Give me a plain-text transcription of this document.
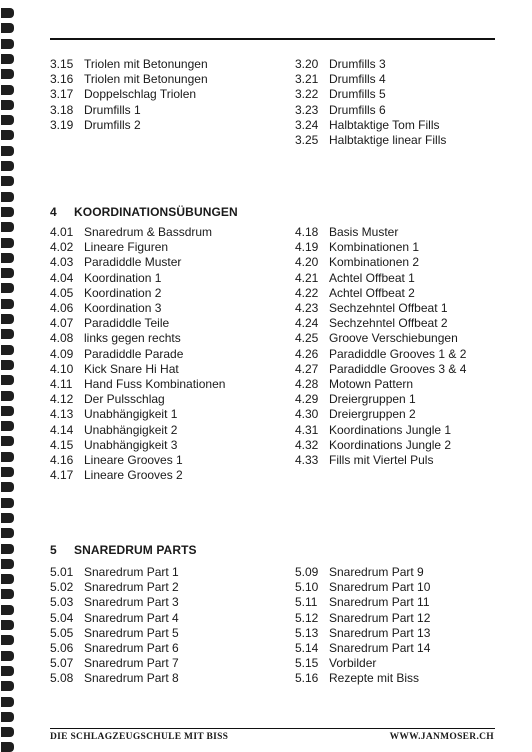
3.15 Triolen mit Betonungen
3.16 Triolen mit Betonungen
3.17 Doppelschlag Triolen
3.18 Drumfills 1
3.19 Drumfills 2
3.20 Drumfills 3
3.21 Drumfills 4
3.22 Drumfills 5
3.23 Drumfills 6
3.24 Halbtaktige Tom Fills
3.25 Halbtaktige linear Fills
4 KOORDINATIONSÜBUNGEN
4.01 Snaredrum & Bassdrum
4.02 Lineare Figuren
4.03 Paradiddle Muster
4.04 Koordination 1
4.05 Koordination 2
4.06 Koordination 3
4.07 Paradiddle Teile
4.08 links gegen rechts
4.09 Paradiddle Parade
4.10 Kick Snare Hi Hat
4.11 Hand Fuss Kombinationen
4.12 Der Pulsschlag
4.13 Unabhängigkeit 1
4.14 Unabhängigkeit 2
4.15 Unabhängigkeit 3
4.16 Lineare Grooves 1
4.17 Lineare Grooves 2
4.18 Basis Muster
4.19 Kombinationen 1
4.20 Kombinationen 2
4.21 Achtel Offbeat 1
4.22 Achtel Offbeat 2
4.23 Sechzehntel Offbeat 1
4.24 Sechzehntel Offbeat 2
4.25 Groove Verschiebungen
4.26 Paradiddle Grooves 1 & 2
4.27 Paradiddle Grooves 3 & 4
4.28 Motown Pattern
4.29 Dreiergruppen 1
4.30 Dreiergruppen 2
4.31 Koordinations Jungle 1
4.32 Koordinations Jungle 2
4.33 Fills mit Viertel Puls
5 SNAREDRUM PARTS
5.01 Snaredrum Part 1
5.02 Snaredrum Part 2
5.03 Snaredrum Part 3
5.04 Snaredrum Part 4
5.05 Snaredrum Part 5
5.06 Snaredrum Part 6
5.07 Snaredrum Part 7
5.08 Snaredrum Part 8
5.09 Snaredrum Part 9
5.10 Snaredrum Part 10
5.11 Snaredrum Part 11
5.12 Snaredrum Part 12
5.13 Snaredrum Part 13
5.14 Snaredrum Part 14
5.15 Vorbilder
5.16 Rezepte mit Biss
DIE SCHLAGZEUGSCHULE MIT BISS	WWW.JANMOSER.CH
